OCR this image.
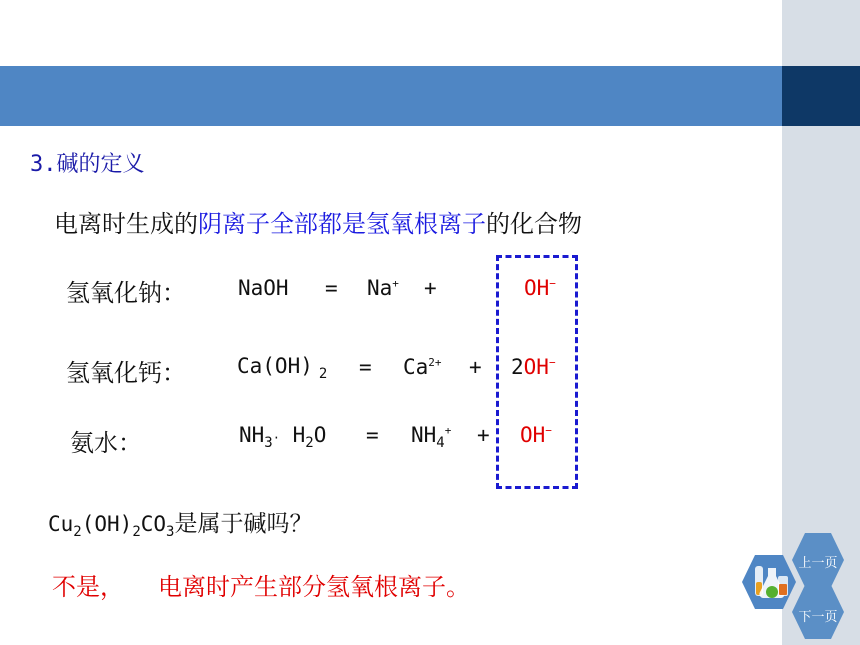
3.碱的定义
电离时生成的阴离子全部都是氢氧根离子的化合物
氢氧化钠： NaOH = Na+ +	OH−
氢氧化钙： Ca(OH) $_2 = Ca^{2+} + 2OH^-$
氨水：	$NH_3\cdot H_2O = NH_4^+ + OH^-$
$Cu_2(OH)_2CO_3$是属于碱吗？
不是， 电离时产生部分氢氧根离子。
上一页
下一页
